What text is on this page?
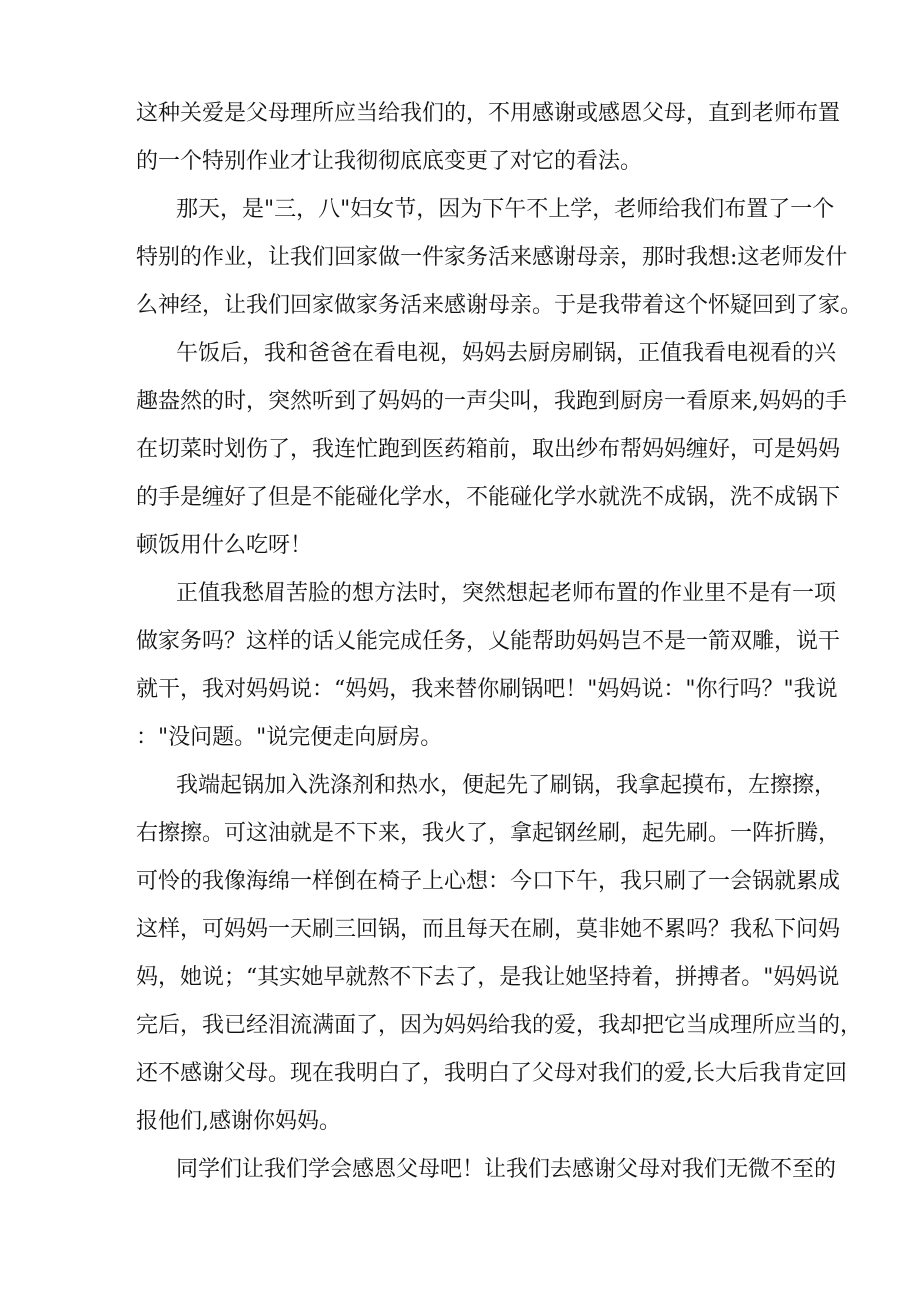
这种关爱是父母理所应当给我们的，不用感谢或感恩父母，直到老师布置
的一个特别作业才让我彻彻底底变更了对它的看法。
那天，是"三，八"妇女节，因为下午不上学，老师给我们布置了一个
特别的作业，让我们回家做一件家务活来感谢母亲，那时我想:这老师发什
么神经，让我们回家做家务活来感谢母亲。于是我带着这个怀疑回到了家。
午饭后，我和爸爸在看电视，妈妈去厨房刷锅，正值我看电视看的兴
趣盎然的时，突然听到了妈妈的一声尖叫，我跑到厨房一看原来,妈妈的手
在切菜时划伤了，我连忙跑到医药箱前，取出纱布帮妈妈缠好，可是妈妈
的手是缠好了但是不能碰化学水，不能碰化学水就洗不成锅，洗不成锅下
顿饭用什么吃呀！
正值我愁眉苦脸的想方法时，突然想起老师布置的作业里不是有一项
做家务吗？这样的话乂能完成任务，乂能帮助妈妈岂不是一箭双雕，说干
就干，我对妈妈说：“妈妈，我来替你刷锅吧！"妈妈说："你行吗？"我说
："没问题。"说完便走向厨房。
我端起锅加入洗涤剂和热水，便起先了刷锅，我拿起摸布，左擦擦，
右擦擦。可这油就是不下来，我火了，拿起钢丝刷，起先刷。一阵折腾，
可怜的我像海绵一样倒在椅子上心想：今口下午，我只刷了一会锅就累成
这样，可妈妈一天刷三回锅，而且每天在刷，莫非她不累吗？我私下问妈
妈，她说；“其实她早就熬不下去了，是我让她坚持着，拼搏者。"妈妈说
完后，我已经泪流满面了，因为妈妈给我的爱，我却把它当成理所应当的，
还不感谢父母。现在我明白了，我明白了父母对我们的爱,长大后我肯定回
报他们,感谢你妈妈。
同学们让我们学会感恩父母吧！让我们去感谢父母对我们无微不至的
